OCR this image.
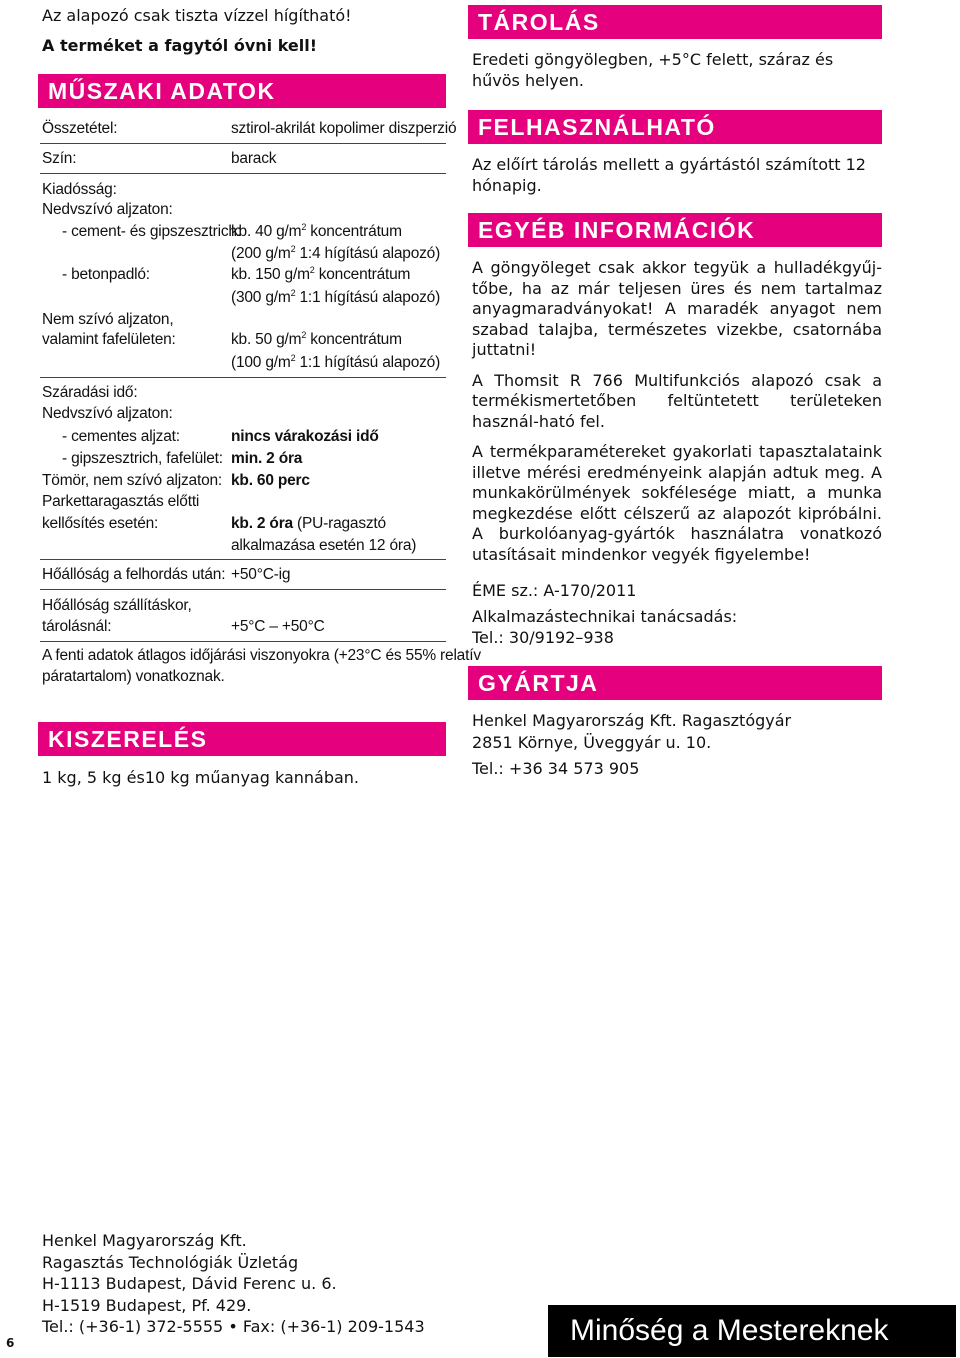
Az alapozó csak tiszta vízzel hígítható!
A terméket a fagytól óvni kell!
MŰSZAKI ADATOK
Összetétel:	sztirol-akrilát kopolimer diszperzió
Szín:	barack
Kiadósság:
Nedvszívó aljzaton:
- cement- és gipszesztrich:
kb. 40 $g/m^2$ koncentrátum
(200 $g/m^2$ 1:4 hígítású alapozó)
- betonpadló:	kb. 150 $g/m^2$ koncentrátum
(300 $g/m^2$ 1:1 hígítású alapozó)
Nem szívó aljzaton,
valamint fafelületen:	kb. 50 $g/m^2$ koncentrátum
(100 $g/m^2$ 1:1 hígítású alapozó)
Száradási idő:
Nedvszívó aljzaton:
- cementes aljzat:	nincs várakozási idő
- gipszesztrich, fafelület: min. 2 óra
Tömör, nem szívó aljzaton: kb. 60 perc
Parkettaragasztás előtti
kellősítés esetén:	kb. 2 óra (PU-ragasztó
alkalmazása esetén 12 óra)
Hőállóság a felhordás után: +50°C-ig
Hőállóság szállításkor,
tárolásnál:	+5°C – +50°C
A fenti adatok átlagos időjárási viszonyokra (+23°C és 55% relatív
páratartalom) vonatkoznak.
KISZERELÉS
1 kg, 5 kg és10 kg műanyag kannában.
TÁROLÁS
Eredeti göngyölegben, +5°C felett, száraz és hűvös helyen.
FELHASZNÁLHATÓ
Az előírt tárolás mellett a gyártástól számított 12 hónapig.
EGYÉB INFORMÁCIÓK

A göngyöleget csak akkor tegyük a hulladékgyűj-tőbe, ha az már teljesen üres és nem tartalmaz anyagmaradványokat! A maradék anyagot nem szabad talajba, természetes vizekbe, csatornába juttatni!

A Thomsit R 766 Multifunkciós alapozó csak a termékismertetőben feltüntetett területeken használ-ható fel.

A termékparamétereket gyakorlati tapasztalataink illetve mérési eredményeink alapján adtuk meg. A munkakörülmények sokfélesége miatt, a munka megkezdése előtt célszerű az alapozót kipróbálni. A burkolóanyag-gyártók használatra vonatkozó utasításait mindenkor vegyék figyelembe!

ÉME sz.: A-170/2011
Alkalmazástechnikai tanácsadás:
Tel.: 30/9192–938
GYÁRTJA
Henkel Magyarország Kft. Ragasztógyár
2851 Környe, Üveggyár u. 10.
Tel.: +36 34 573 905
Henkel Magyarország Kft.
Ragasztás Technológiák Üzletág
H-1113 Budapest, Dávid Ferenc u. 6.
H-1519 Budapest, Pf. 429.
Tel.: (+36-1) 372-5555 • Fax: (+36-1) 209-1543
6	Minőség a Mestereknek
